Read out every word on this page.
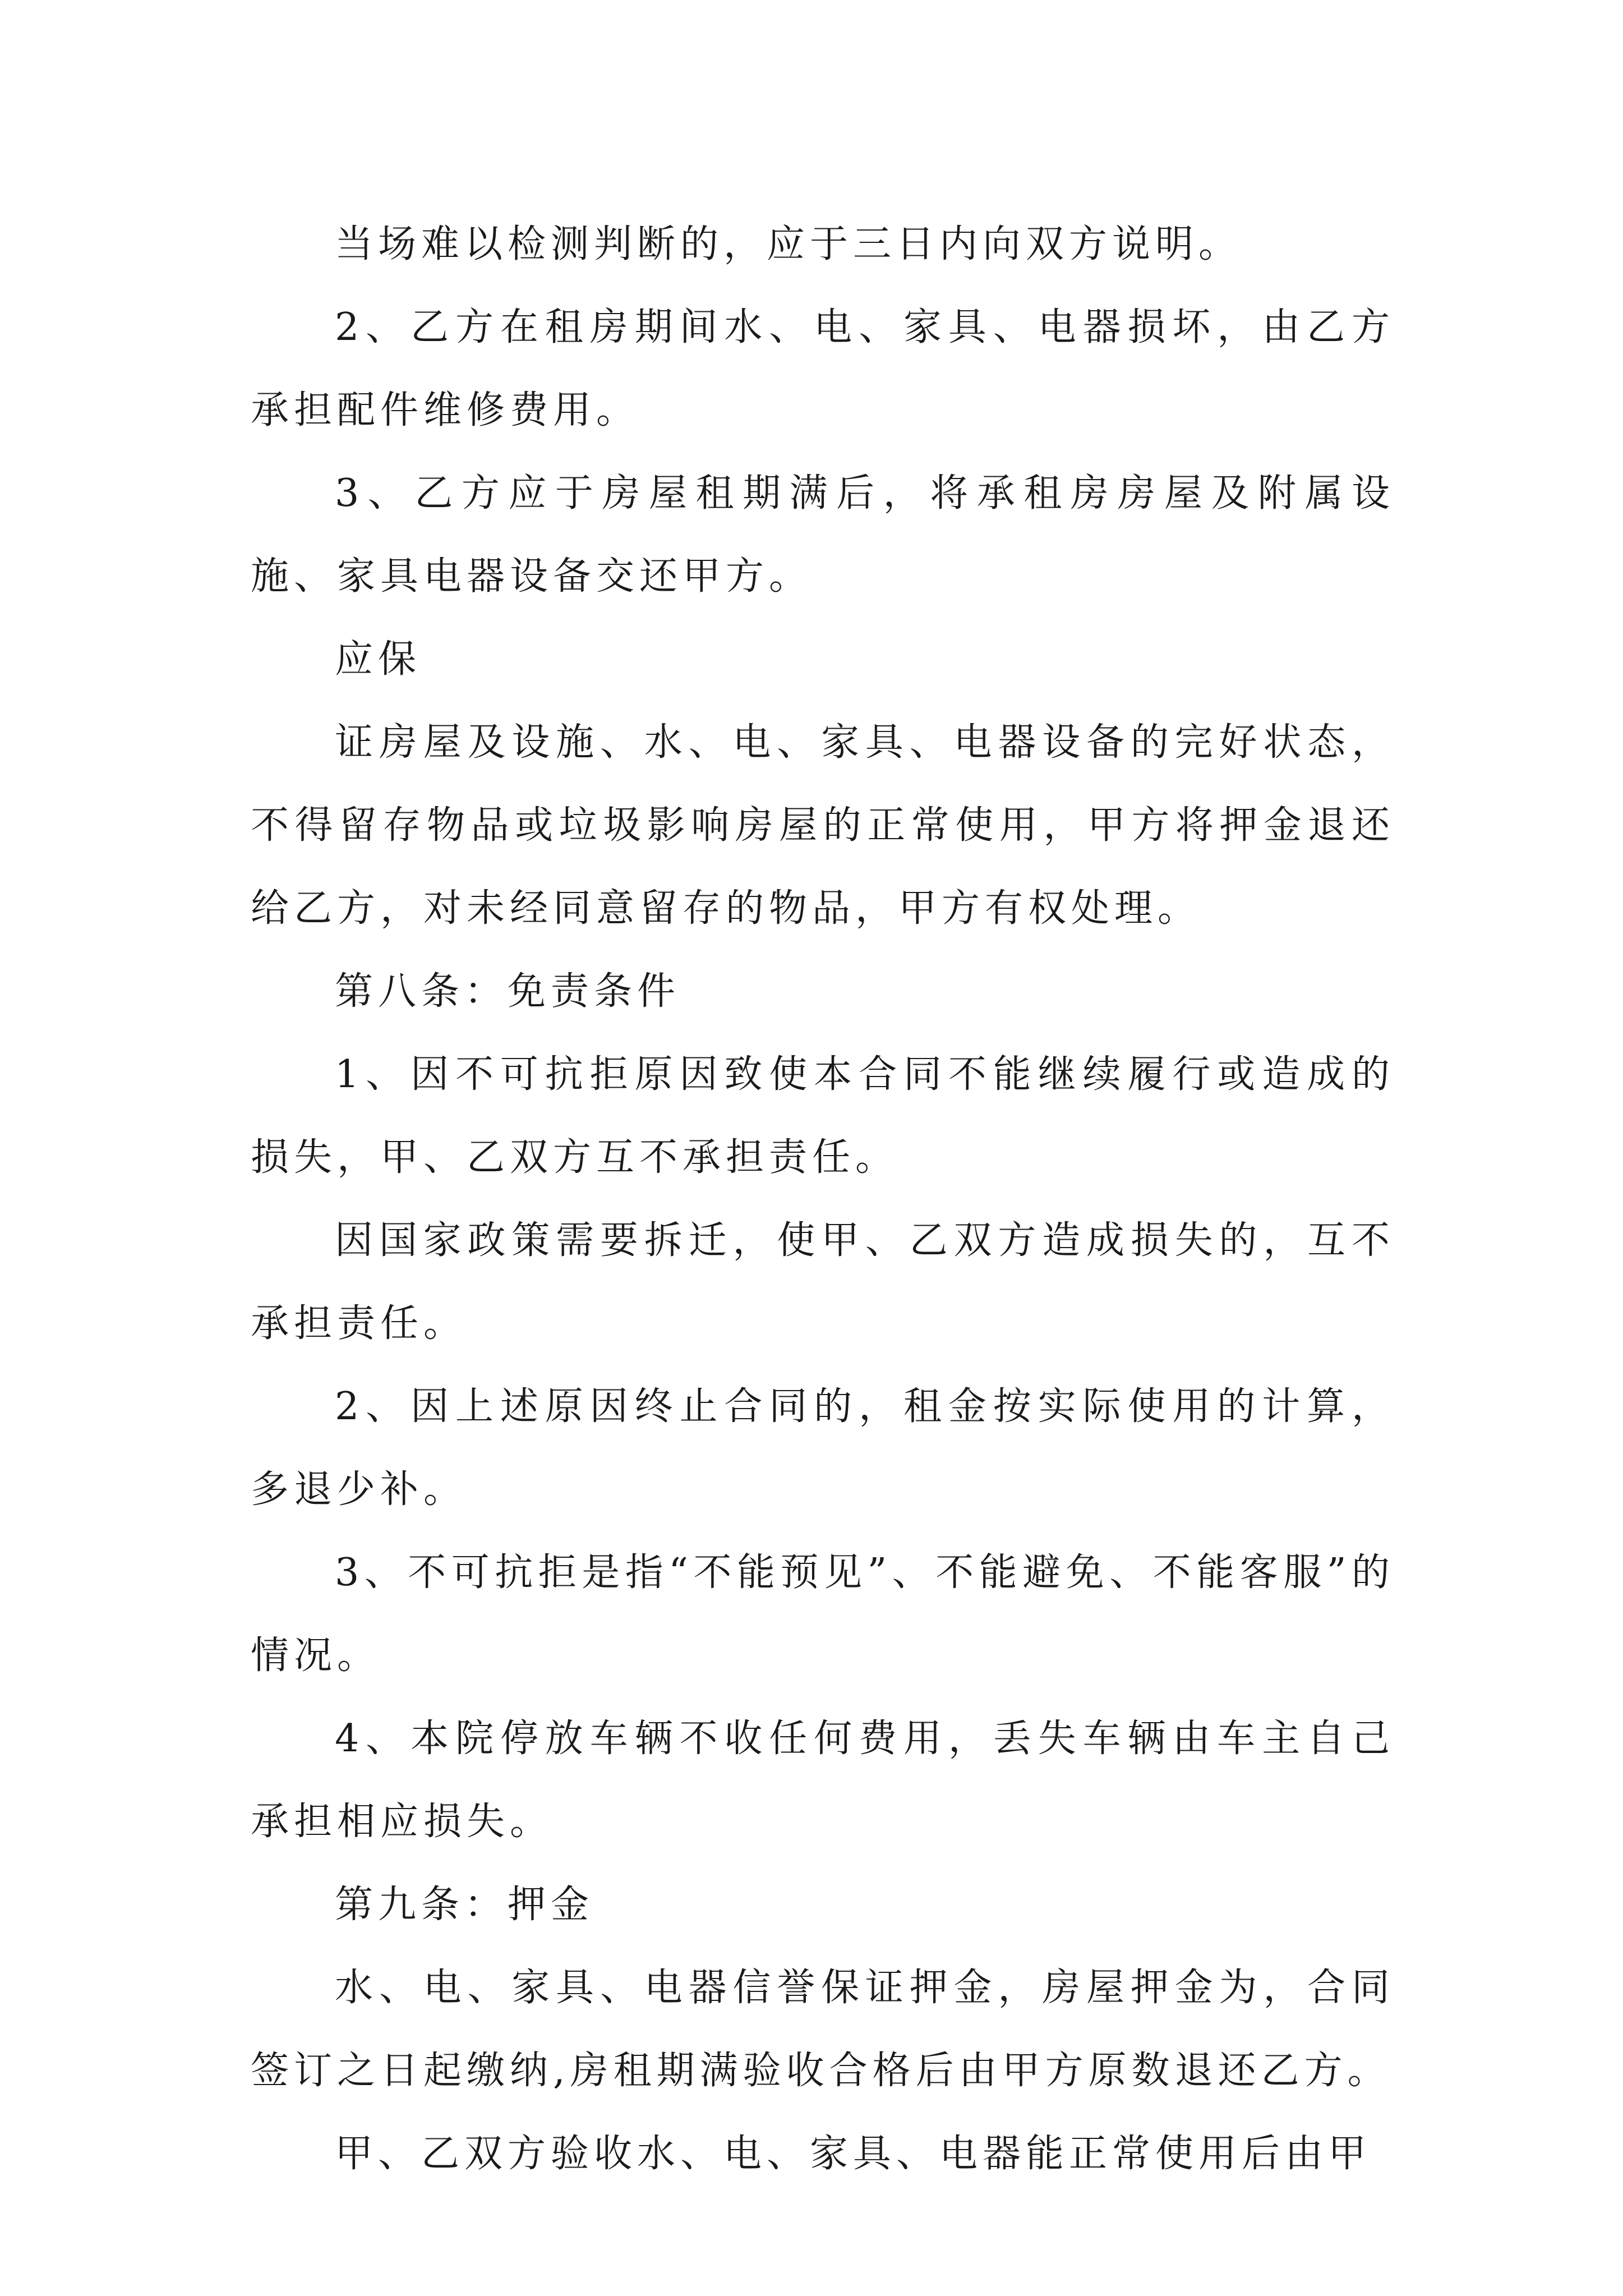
当场难以检测判断的，应于三日内向双方说明。

2、乙方在租房期间水、电、家具、电器损坏，由乙方承担配件维修费用。

3、乙方应于房屋租期满后，将承租房房屋及附属设施、家具电器设备交还甲方。

应保

证房屋及设施、水、电、家具、电器设备的完好状态，不得留存物品或垃圾影响房屋的正常使用，甲方将押金退还给乙方，对未经同意留存的物品，甲方有权处理。

第八条：免责条件

1、因不可抗拒原因致使本合同不能继续履行或造成的损失，甲、乙双方互不承担责任。

因国家政策需要拆迁，使甲、乙双方造成损失的，互不承担责任。

2、因上述原因终止合同的，租金按实际使用的计算，多退少补。

3、不可抗拒是指“不能预见”、不能避免、不能客服”的情况。

4、本院停放车辆不收任何费用，丢失车辆由车主自己承担相应损失。

第九条：押金

水、电、家具、电器信誉保证押金，房屋押金为，合同签订之日起缴纳,房租期满验收合格后由甲方原数退还乙方。

甲、乙双方验收水、电、家具、电器能正常使用后由甲
